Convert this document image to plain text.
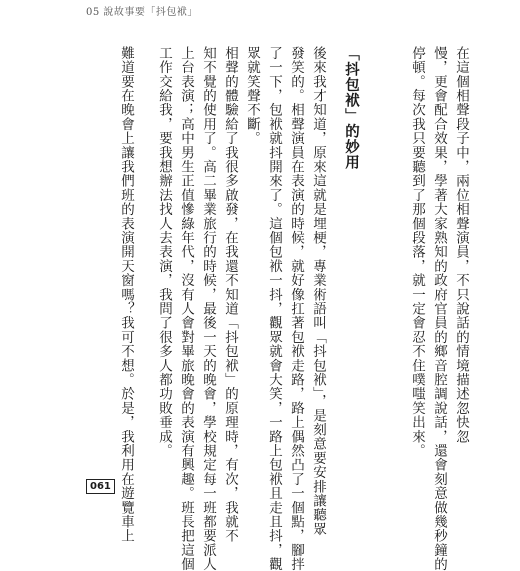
05 說故事要「抖包袱」
在這個相聲段子中，兩位相聲演員，不只說話的情境描述忽快忽
慢，更會配合效果，學著大家熟知的政府官員的鄉音腔調說話，還會刻意做幾秒鐘的
停頓。每次我只要聽到了那個段落，就一定會忍不住噗嗤笑出來。
「抖包袱」的妙用
後來我才知道，原來這就是埋梗，專業術語叫「抖包袱」，是刻意要安排讓聽眾
發笑的。相聲演員在表演的時候，就好像扛著包袱走路，路上偶然凸了一個點，腳拌
了一下，包袱就抖開來了。這個包袱一抖，觀眾就會大笑，一路上包袱且走且抖，觀
眾就笑聲不斷。
相聲的體驗給了我很多啟發，在我還不知道「抖包袱」的原理時，有次，我就不
知不覺的使用了。高二畢業旅行的時候，最後一天的晚會，學校規定每一班都要派人
上台表演；高中男生正值慘綠年代，沒有人會對畢旅晚會的表演有興趣。班長把這個
工作交給我，要我想辦法找人去表演，我問了很多人都功敗垂成。
難道要在晚會上讓我們班的表演開天窗嗎？我可不想。於是，我利用在遊覽車上
061
